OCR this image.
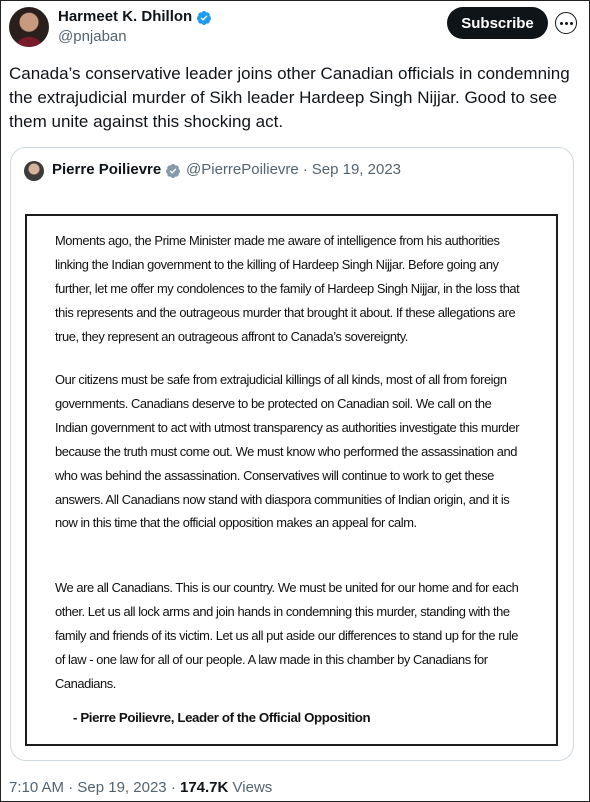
Harmeet K. Dhillon
@pnjaban
Subscribe
Canada’s conservative leader joins other Canadian officials in condemning the extrajudicial murder of Sikh leader Hardeep Singh Nijjar. Good to see them unite against this shocking act.
Pierre Poilievre @PierrePoilievre · Sep 19, 2023
Moments ago, the Prime Minister made me aware of intelligence from his authorities linking the Indian government to the killing of Hardeep Singh Nijjar. Before going any further, let me offer my condolences to the family of Hardeep Singh Nijjar, in the loss that this represents and the outrageous murder that brought it about. If these allegations are true, they represent an outrageous affront to Canada’s sovereignty.
Our citizens must be safe from extrajudicial killings of all kinds, most of all from foreign governments. Canadians deserve to be protected on Canadian soil. We call on the Indian government to act with utmost transparency as authorities investigate this murder because the truth must come out. We must know who performed the assassination and who was behind the assassination. Conservatives will continue to work to get these answers. All Canadians now stand with diaspora communities of Indian origin, and it is now in this time that the official opposition makes an appeal for calm.
We are all Canadians. This is our country. We must be united for our home and for each other. Let us all lock arms and join hands in condemning this murder, standing with the family and friends of its victim. Let us all put aside our differences to stand up for the rule of law - one law for all of our people. A law made in this chamber by Canadians for Canadians.
- Pierre Poilievre, Leader of the Official Opposition
7:10 AM · Sep 19, 2023 · 174.7K Views
